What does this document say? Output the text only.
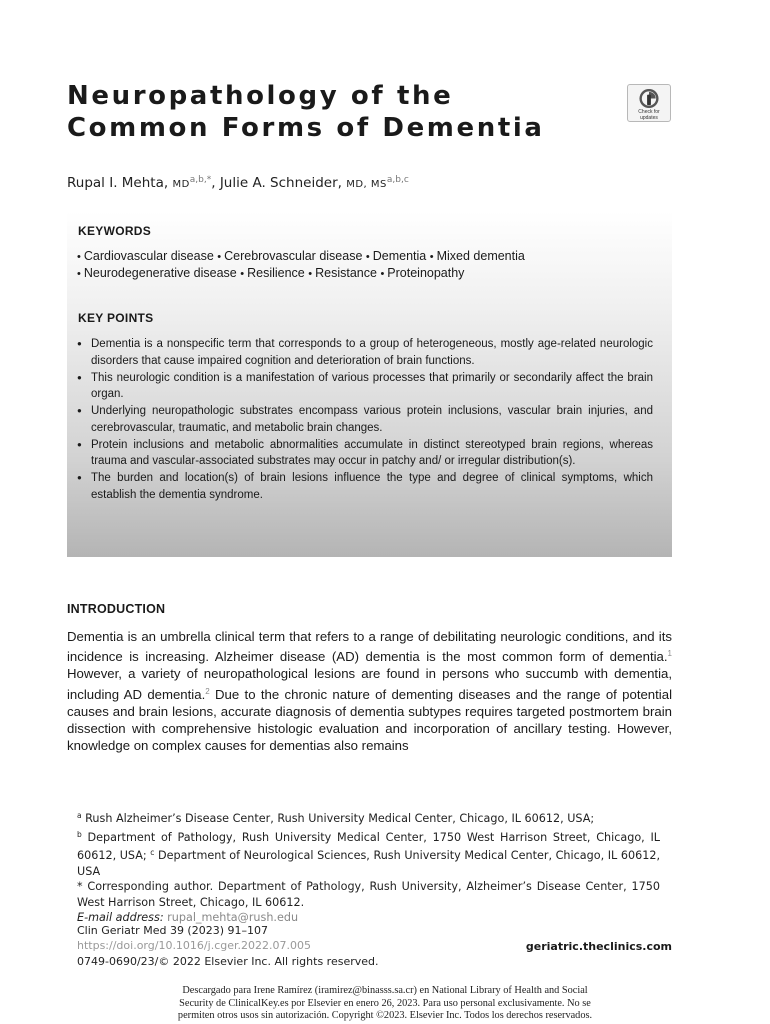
Neuropathology of the
Common Forms of Dementia
Check for
updates
Rupal I. Mehta, $MD^{a,b,*}$, Julie A. Schneider, MD, MS$^{a,b,c}$
KEYWORDS
• Cardiovascular disease • Cerebrovascular disease • Dementia • Mixed dementia
• Neurodegenerative disease • Resilience • Resistance • Proteinopathy
KEY POINTS
● Dementia is a nonspecific term that corresponds to a group of heterogeneous, mostly age-related neurologic disorders that cause impaired cognition and deterioration of brain functions.
● This neurologic condition is a manifestation of various processes that primarily or secondarily affect the brain organ.
● Underlying neuropathologic substrates encompass various protein inclusions, vascular brain injuries, and cerebrovascular, traumatic, and metabolic brain changes.
● Protein inclusions and metabolic abnormalities accumulate in distinct stereotyped brain regions, whereas trauma and vascular-associated substrates may occur in patchy and/ or irregular distribution(s).
● The burden and location(s) of brain lesions influence the type and degree of clinical symptoms, which establish the dementia syndrome.
INTRODUCTION

Dementia is an umbrella clinical term that refers to a range of debilitating neurologic conditions, and its incidence is increasing. Alzheimer disease (AD) dementia is the most common form of dementia.$^1$ However, a variety of neuropathological lesions are found in persons who succumb with dementia, including AD dementia.$^2$ Due to the chronic nature of dementing diseases and the range of potential causes and brain lesions, accurate diagnosis of dementia subtypes requires targeted postmortem brain dissection with comprehensive histologic evaluation and incorporation of ancillary testing. However, knowledge on complex causes for dementias also remains

$^a$ Rush Alzheimer’s Disease Center, Rush University Medical Center, Chicago, IL 60612, USA;
$^b$ Department of Pathology, Rush University Medical Center, 1750 West Harrison Street, Chicago, IL 60612, USA; $^c$ Department of Neurological Sciences, Rush University Medical Center, Chicago, IL 60612, USA
* Corresponding author. Department of Pathology, Rush University, Alzheimer’s Disease Center, 1750 West Harrison Street, Chicago, IL 60612.
E-mail address: rupal_mehta@rush.edu
Clin Geriatr Med 39 (2023) 91–107
https://doi.org/10.1016/j.cger.2022.07.005
0749-0690/23/© 2022 Elsevier Inc. All rights reserved.
geriatric.theclinics.com
Descargado para Irene Ramírez (iramirez@binasss.sa.cr) en National Library of Health and Social
Security de ClinicalKey.es por Elsevier en enero 26, 2023. Para uso personal exclusivamente. No se
permiten otros usos sin autorización. Copyright ©2023. Elsevier Inc. Todos los derechos reservados.
